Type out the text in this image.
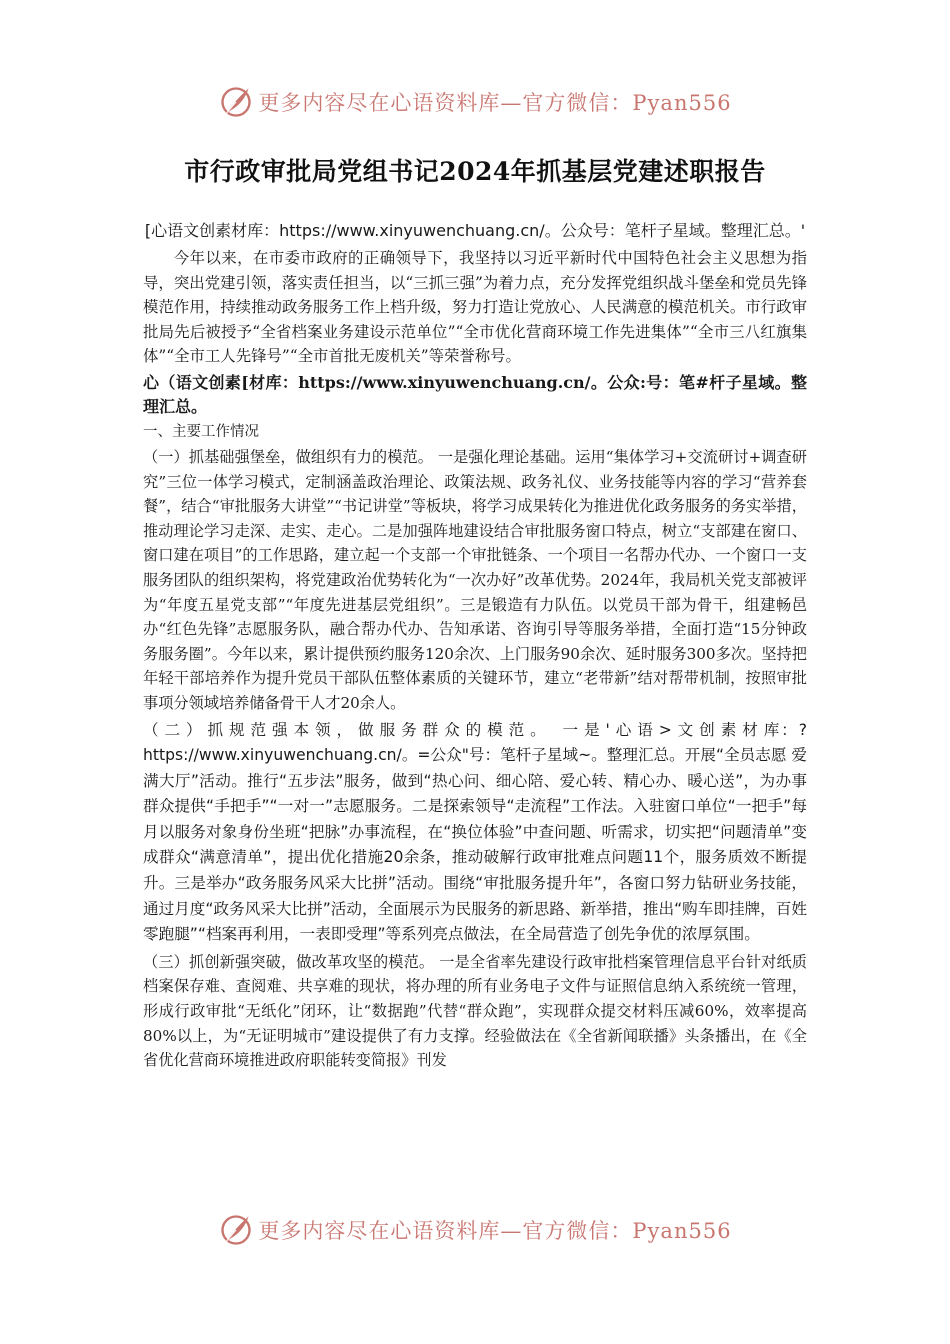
更多内容尽在心语资料库—官方微信：Pyan556
市行政审批局党组书记2024年抓基层党建述职报告

[心语文创素材库：https://www.xinyuwenchuang.cn/。公众号：笔杆子星域。整理汇总。'

今年以来，在市委市政府的正确领导下，我坚持以习近平新时代中国特色社会主义思想为指导，突出党建引领，落实责任担当，以“三抓三强”为着力点，充分发挥党组织战斗堡垒和党员先锋模范作用，持续推动政务服务工作上档升级，努力打造让党放心、人民满意的模范机关。市行政审批局先后被授予“全省档案业务建设示范单位”“全市优化营商环境工作先进集体”“全市三八红旗集体”“全市工人先锋号”“全市首批无废机关”等荣誉称号。

心（语文创素[材库：https://www.xinyuwenchuang.cn/。公众:号：笔#杆子星域。整理汇总。

一、主要工作情况

（一）抓基础强堡垒，做组织有力的模范。 一是强化理论基础。运用“集体学习+交流研讨+调查研究”三位一体学习模式，定制涵盖政治理论、政策法规、政务礼仪、业务技能等内容的学习“营养套餐”，结合“审批服务大讲堂”“书记讲堂”等板块，将学习成果转化为推进优化政务服务的务实举措，推动理论学习走深、走实、走心。二是加强阵地建设结合审批服务窗口特点，树立“支部建在窗口、窗口建在项目”的工作思路，建立起一个支部一个审批链条、一个项目一名帮办代办、一个窗口一支服务团队的组织架构，将党建政治优势转化为“一次办好”改革优势。2024年，我局机关党支部被评为“年度五星党支部”“年度先进基层党组织”。三是锻造有力队伍。以党员干部为骨干，组建畅邑办“红色先锋”志愿服务队，融合帮办代办、告知承诺、咨询引导等服务举措，全面打造“15分钟政务服务圈”。今年以来，累计提供预约服务120余次、上门服务90余次、延时服务300多次。坚持把年轻干部培养作为提升党员干部队伍整体素质的关键环节，建立“老带新”结对帮带机制，按照审批事项分领域培养储备骨干人才20余人。

（二）抓规范强本领，做服务群众的模范。 一是'心语>文创素材库：?https://www.xinyuwenchuang.cn/。=公众"号：笔杆子星域~。整理汇总。开展“全员志愿 爱满大厅”活动。推行“五步法”服务，做到“热心问、细心陪、爱心转、精心办、暖心送”，为办事群众提供“手把手”“一对一”志愿服务。二是探索领导“走流程”工作法。入驻窗口单位“一把手”每月以服务对象身份坐班“把脉”办事流程，在“换位体验”中查问题、听需求，切实把“问题清单”变成群众“满意清单”，提出优化措施20余条，推动破解行政审批难点问题11个，服务质效不断提升。三是举办“政务服务风采大比拼”活动。围绕“审批服务提升年”，各窗口努力钻研业务技能，通过月度“政务风采大比拼”活动，全面展示为民服务的新思路、新举措，推出“购车即挂牌，百姓零跑腿”“档案再利用，一表即受理”等系列亮点做法，在全局营造了创先争优的浓厚氛围。

（三）抓创新强突破，做改革攻坚的模范。 一是全省率先建设行政审批档案管理信息平台针对纸质档案保存难、查阅难、共享难的现状，将办理的所有业务电子文件与证照信息纳入系统统一管理，形成行政审批“无纸化”闭环，让“数据跑”代替“群众跑”，实现群众提交材料压减60%，效率提高80%以上，为“无证明城市”建设提供了有力支撑。经验做法在《全省新闻联播》头条播出，在《全省优化营商环境推进政府职能转变简报》刊发

更多内容尽在心语资料库—官方微信：Pyan556
